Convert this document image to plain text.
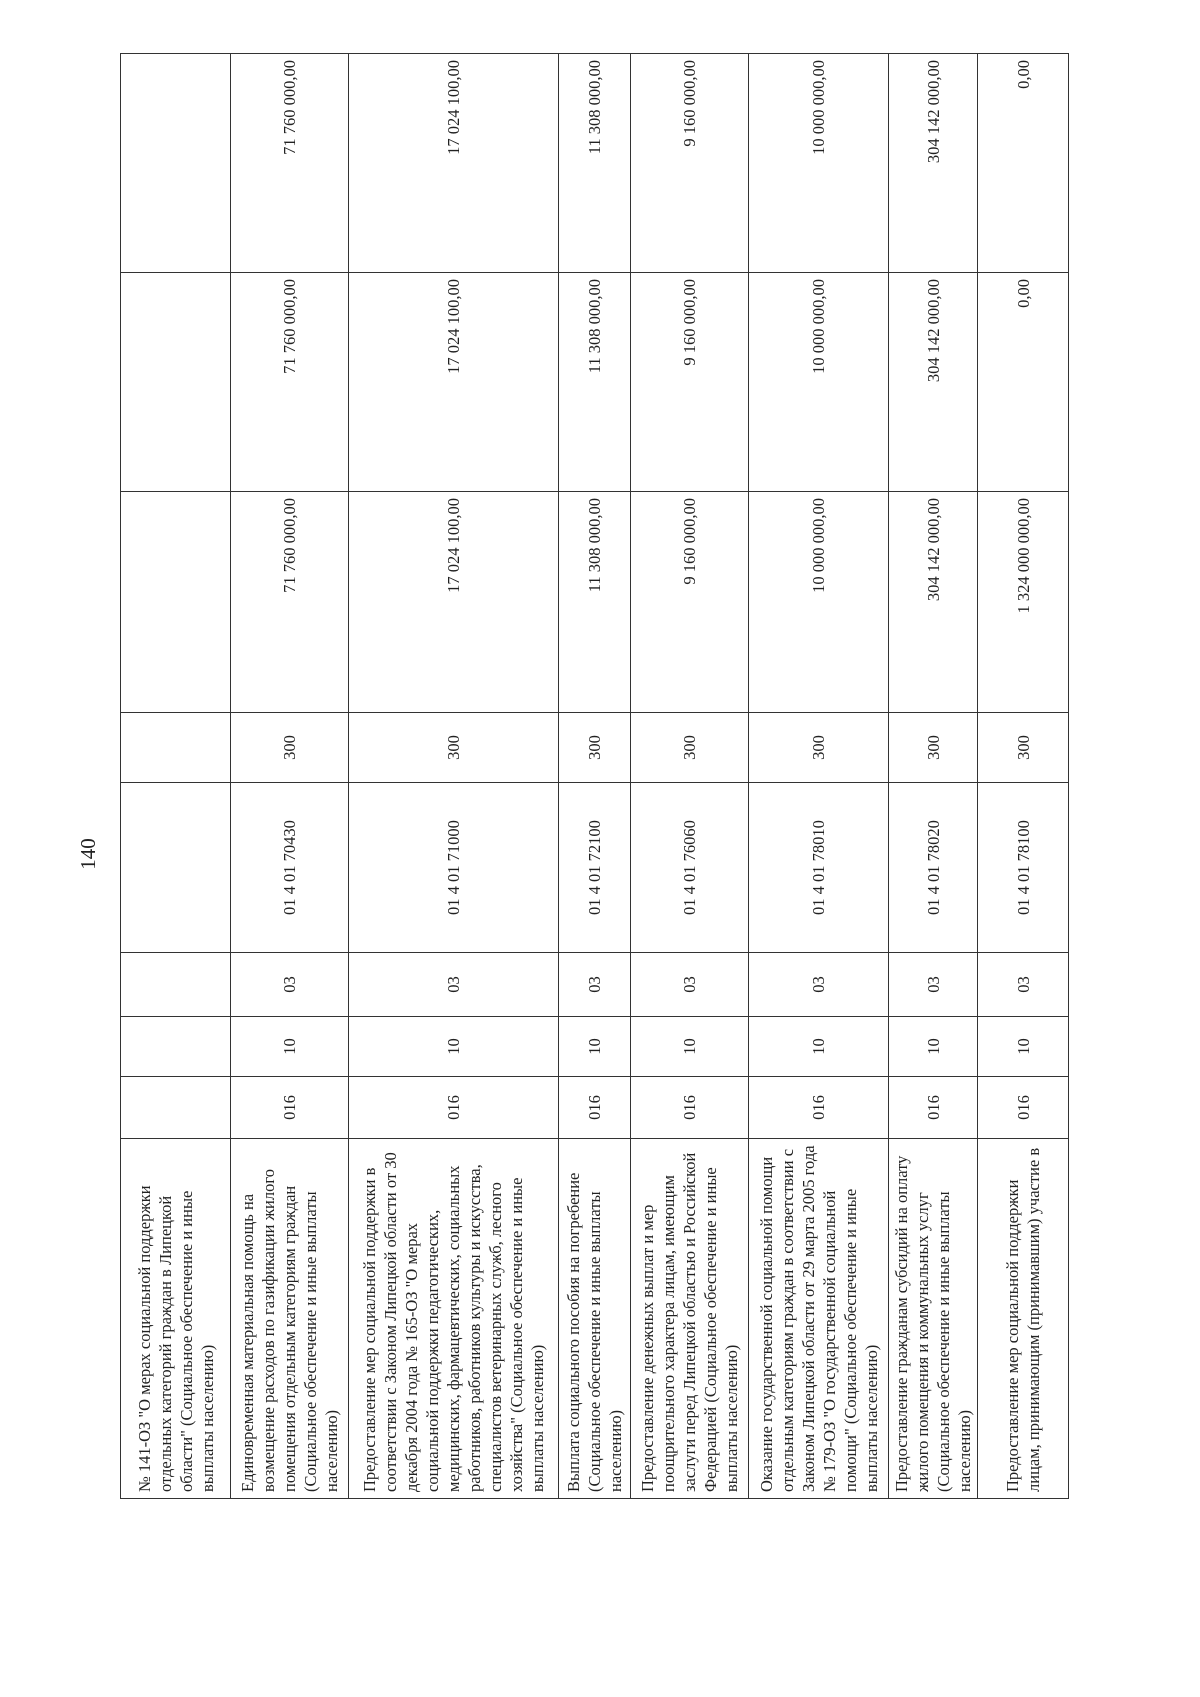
140
№ 141-ОЗ "О мерах социальной поддержки отдельных категорий граждан в Липецкой области" (Социальное обеспечение и иные выплаты населению)								
Единовременная материальная помощь на возмещение расходов по газификации жилого помещения отдельным категориям граждан (Социальное обеспечение и иные выплаты населению)	016	10	03	01 4 01 70430	300	71 760 000,00	71 760 000,00	71 760 000,00
Предоставление мер социальной поддержки в соответствии с Законом Липецкой области от 30 декабря 2004 года № 165-ОЗ "О мерах социальной поддержки педагогических, медицинских, фармацевтических, социальных работников, работников культуры и искусства, специалистов ветеринарных служб, лесного хозяйства" (Социальное обеспечение и иные выплаты населению)	016	10	03	01 4 01 71000	300	17 024 100,00	17 024 100,00	17 024 100,00
Выплата социального пособия на погребение (Социальное обеспечение и иные выплаты населению)	016	10	03	01 4 01 72100	300	11 308 000,00	11 308 000,00	11 308 000,00
Предоставление денежных выплат и мер поощрительного характера лицам, имеющим заслуги перед Липецкой областью и Российской Федерацией (Социальное обеспечение и иные выплаты населению)	016	10	03	01 4 01 76060	300	9 160 000,00	9 160 000,00	9 160 000,00
Оказание государственной социальной помощи отдельным категориям граждан в соответствии с Законом Липецкой области от 29 марта 2005 года № 179-ОЗ "О государственной социальной помощи" (Социальное обеспечение и иные выплаты населению)	016	10	03	01 4 01 78010	300	10 000 000,00	10 000 000,00	10 000 000,00
Предоставление гражданам субсидий на оплату жилого помещения и коммунальных услуг (Социальное обеспечение и иные выплаты населению)	016	10	03	01 4 01 78020	300	304 142 000,00	304 142 000,00	304 142 000,00
Предоставление мер социальной поддержки лицам, принимающим (принимавшим) участие в	016	10	03	01 4 01 78100	300	1 324 000 000,00	0,00	0,00
